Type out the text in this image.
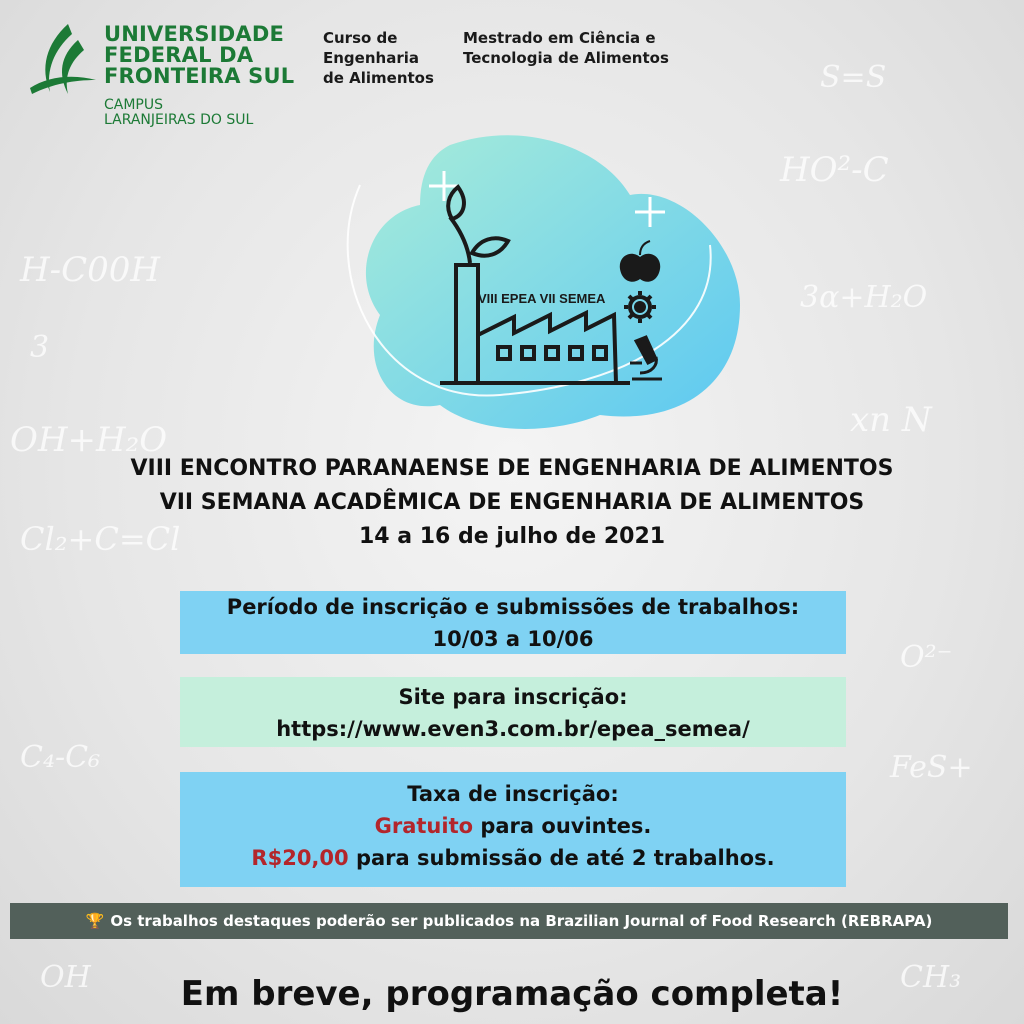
H-C00H
3
OH+H₂O
Cl₂+C=Cl
C₄-C₆
OH
HO²-C
3α+H₂O
xn N
O²⁻
FeS+
CH₃
S=S
UNIVERSIDADE
FEDERAL DA
FRONTEIRA SUL
CAMPUS
LARANJEIRAS DO SUL
Curso de
Engenharia
de Alimentos
Mestrado em Ciência e
Tecnologia de Alimentos
VIII EPEA VII SEMEA
VIII ENCONTRO PARANAENSE DE ENGENHARIA DE ALIMENTOS
VII SEMANA ACADÊMICA DE ENGENHARIA DE ALIMENTOS
14 a 16 de julho de 2021
Período de inscrição e submissões de trabalhos:
10/03 a 10/06
Site para inscrição:
https://www.even3.com.br/epea_semea/
Taxa de inscrição:
Gratuito para ouvintes.
R$20,00 para submissão de até 2 trabalhos.
🏆 Os trabalhos destaques poderão ser publicados na Brazilian Journal of Food Research (REBRAPA)
Em breve, programação completa!
